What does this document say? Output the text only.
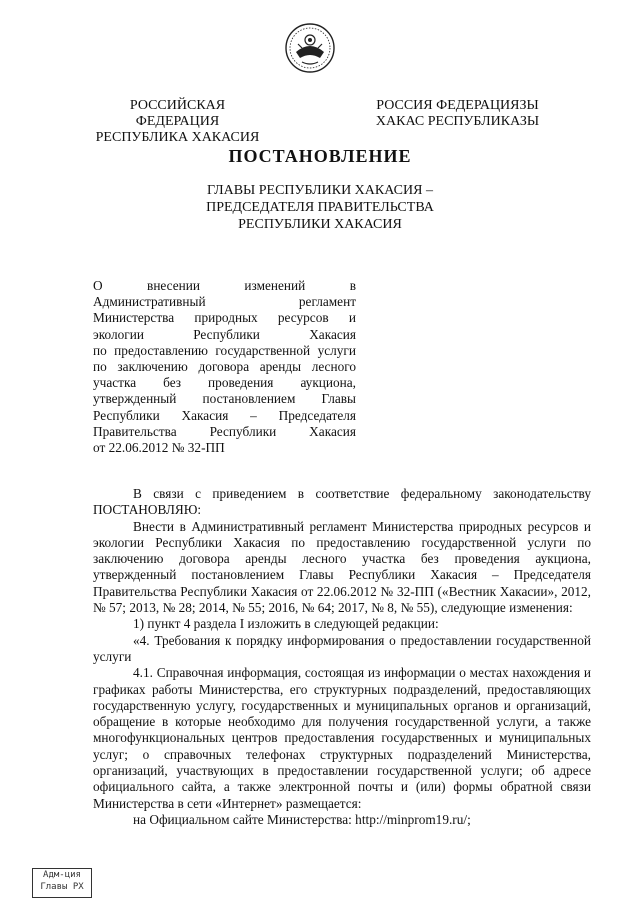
РОССИЙСКАЯ ФЕДЕРАЦИЯ
РЕСПУБЛИКА ХАКАСИЯ
РОССИЯ ФЕДЕРАЦИЯЗЫ
ХАКАС РЕСПУБЛИКАЗЫ
ПОСТАНОВЛЕНИЕ
ГЛАВЫ РЕСПУБЛИКИ ХАКАСИЯ –
ПРЕДСЕДАТЕЛЯ ПРАВИТЕЛЬСТВА
РЕСПУБЛИКИ ХАКАСИЯ
О внесении изменений в
Административный регламент
Министерства природных ресурсов и
экологии Республики Хакасия
по предоставлению государственной услуги
по заключению договора аренды лесного
участка без проведения аукциона,
утвержденный постановлением Главы
Республики Хакасия – Председателя
Правительства Республики Хакасия
от 22.06.2012 № 32-ПП

В связи с приведением в соответствие федеральному законодательству

ПОСТАНОВЛЯЮ:

Внести в Административный регламент Министерства природных ресурсов и экологии Республики Хакасия по предоставлению государственной услуги по заключению договора аренды лесного участка без проведения аукциона, утвержденный постановлением Главы Республики Хакасия – Председателя Правительства Республики Хакасия от 22.06.2012 № 32-ПП («Вестник Хакасии», 2012, № 57; 2013, № 28; 2014, № 55; 2016, № 64; 2017, № 8, № 55), следующие изменения:

1) пункт 4 раздела I изложить в следующей редакции:

«4. Требования к порядку информирования о предоставлении государственной услуги

4.1. Справочная информация, состоящая из информации о местах нахождения и графиках работы Министерства, его структурных подразделений, предоставляющих государственную услугу, государственных и муниципальных органов и организаций, обращение в которые необходимо для получения государственной услуги, а также многофункциональных центров предоставления государственных и муниципальных услуг; о справочных телефонах структурных подразделений Министерства, организаций, участвующих в предоставлении государственной услуги; об адресе официального сайта, а также электронной почты и (или) формы обратной связи Министерства в сети «Интернет» размещается:

на Официальном сайте Министерства: http://minprom19.ru/;

Адм-ция
Главы РХ
